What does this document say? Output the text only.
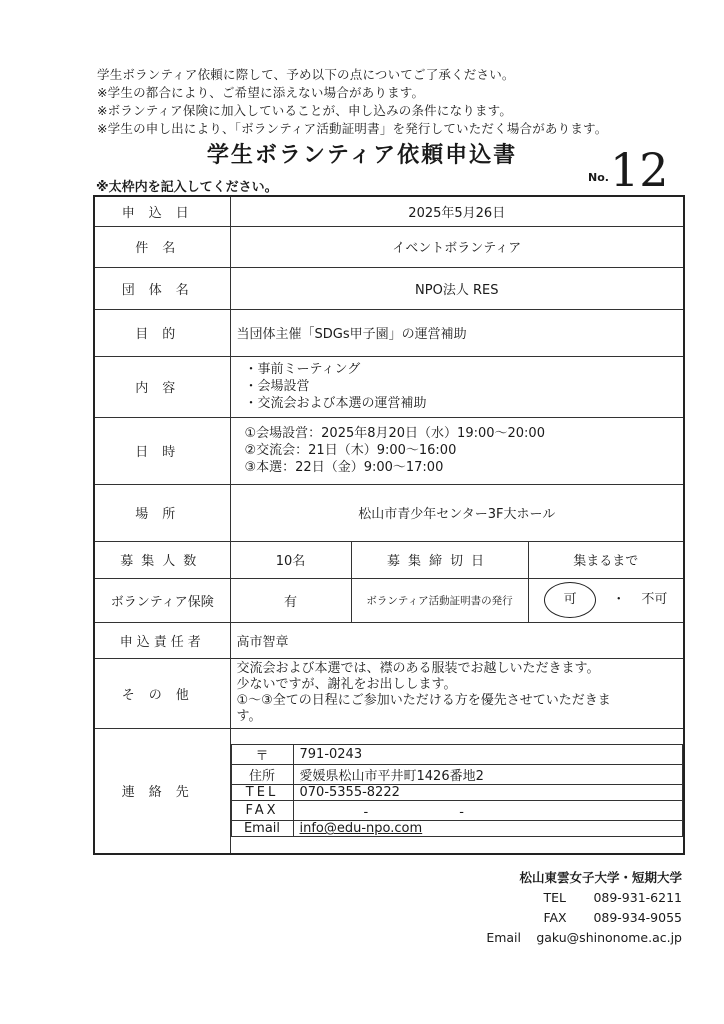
学生ボランティア依頼に際して、予め以下の点についてご了承ください。
※学生の都合により、ご希望に添えない場合があります。
※ボランティア保険に加入していることが、申し込みの条件になります。
※学生の申し出により、「ボランティア活動証明書」を発行していただく場合があります。
学生ボランティア依頼申込書
※太枠内を記入してください。
No. 12
申込日	2025年5月26日
件名	イベントボランティア
団体名	NPO法人 RES
目的	当団体主催「SDGs甲子園」の運営補助
内容	
・事前ミーティング
・会場設営
・交流会および本選の運営補助

日時	
①会場設営：2025年8月20日（水）19:00～20:00
②交流会：21日（木）9:00～16:00
③本選：22日（金）9:00～17:00

場所	松山市青少年センター3F大ホール
募集人数	10名	募集締切日	集まるまで
ボランティア保険	有	ボランティア活動証明書の発行	可	・ 不可
申込責任者	高市智章
その他	
交流会および本選では、襟のある服装でお越しいただきます。
少ないですが、謝礼をお出しします。
①～③全ての日程にご参加いただける方を優先させていただきま
す。

連絡先	
〒	791-0243
住所	愛媛県松山市平井町1426番地2
TEL	070-5355-8222
FAX	-　　　　　　　-
Email	info@edu-npo.com
松山東雲女子大学・短期大学
TEL 089-931-6211
FAX 089-934-9055
Email gaku@shinonome.ac.jp
